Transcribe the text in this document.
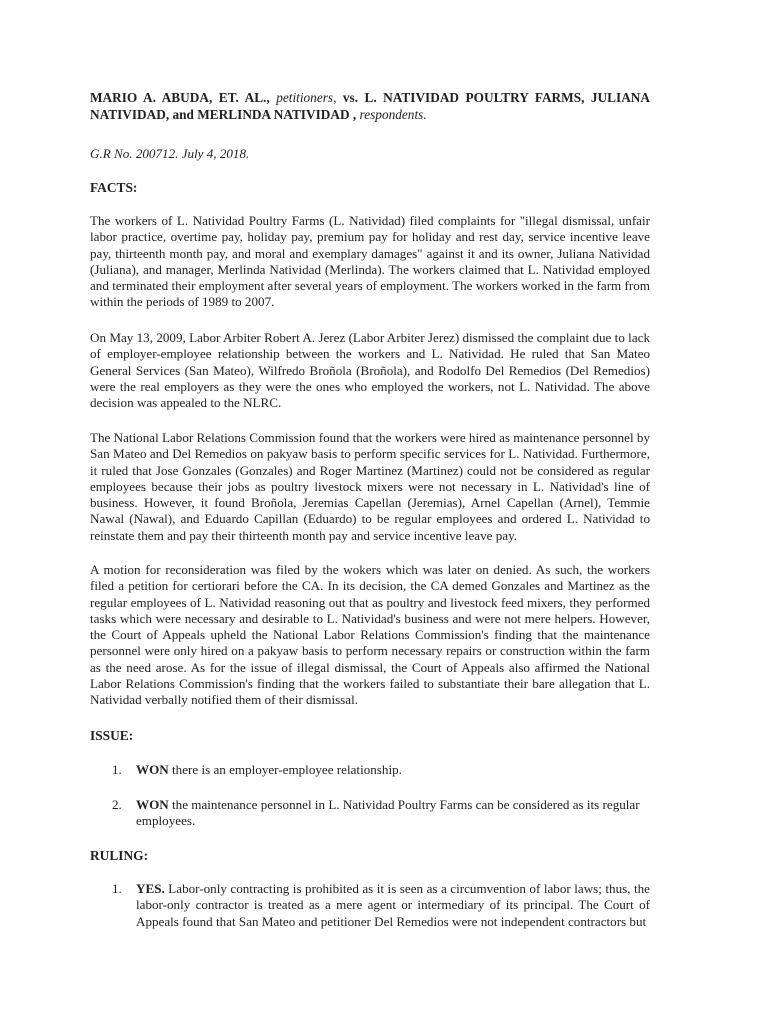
MARIO A. ABUDA, ET. AL., petitioners, vs. L. NATIVIDAD POULTRY FARMS, JULIANA NATIVIDAD, and MERLINDA NATIVIDAD , respondents.
G.R No. 200712. July 4, 2018.
FACTS:
The workers of L. Natividad Poultry Farms (L. Natividad) filed complaints for "illegal dismissal, unfair labor practice, overtime pay, holiday pay, premium pay for holiday and rest day, service incentive leave pay, thirteenth month pay, and moral and exemplary damages" against it and its owner, Juliana Natividad (Juliana), and manager, Merlinda Natividad (Merlinda). The workers claimed that L. Natividad employed and terminated their employment after several years of employment. The workers worked in the farm from within the periods of 1989 to 2007.
On May 13, 2009, Labor Arbiter Robert A. Jerez (Labor Arbiter Jerez) dismissed the complaint due to lack of employer-employee relationship between the workers and L. Natividad. He ruled that San Mateo General Services (San Mateo), Wilfredo Broñola (Broñola), and Rodolfo Del Remedios (Del Remedios) were the real employers as they were the ones who employed the workers, not L. Natividad. The above decision was appealed to the NLRC.
The National Labor Relations Commission found that the workers were hired as maintenance personnel by San Mateo and Del Remedios on pakyaw basis to perform specific services for L. Natividad. Furthermore, it ruled that Jose Gonzales (Gonzales) and Roger Martinez (Martinez) could not be considered as regular employees because their jobs as poultry livestock mixers were not necessary in L. Natividad's line of business. However, it found Broñola, Jeremias Capellan (Jeremias), Arnel Capellan (Arnel), Temmie Nawal (Nawal), and Eduardo Capillan (Eduardo) to be regular employees and ordered L. Natividad to reinstate them and pay their thirteenth month pay and service incentive leave pay.
A motion for reconsideration was filed by the wokers which was later on denied. As such, the workers filed a petition for certiorari before the CA. In its decision, the CA demed Gonzales and Martinez as the regular employees of L. Natividad reasoning out that as poultry and livestock feed mixers, they performed tasks which were necessary and desirable to L. Natividad's business and were not mere helpers. However, the Court of Appeals upheld the National Labor Relations Commission's finding that the maintenance personnel were only hired on a pakyaw basis to perform necessary repairs or construction within the farm as the need arose. As for the issue of illegal dismissal, the Court of Appeals also affirmed the National Labor Relations Commission's finding that the workers failed to substantiate their bare allegation that L. Natividad verbally notified them of their dismissal.
ISSUE:
1. WON there is an employer-employee relationship.
2. WON the maintenance personnel in L. Natividad Poultry Farms can be considered as its regular employees.
RULING:
1. YES. Labor-only contracting is prohibited as it is seen as a circumvention of labor laws; thus, the labor-only contractor is treated as a mere agent or intermediary of its principal. The Court of Appeals found that San Mateo and petitioner Del Remedios were not independent contractors but
